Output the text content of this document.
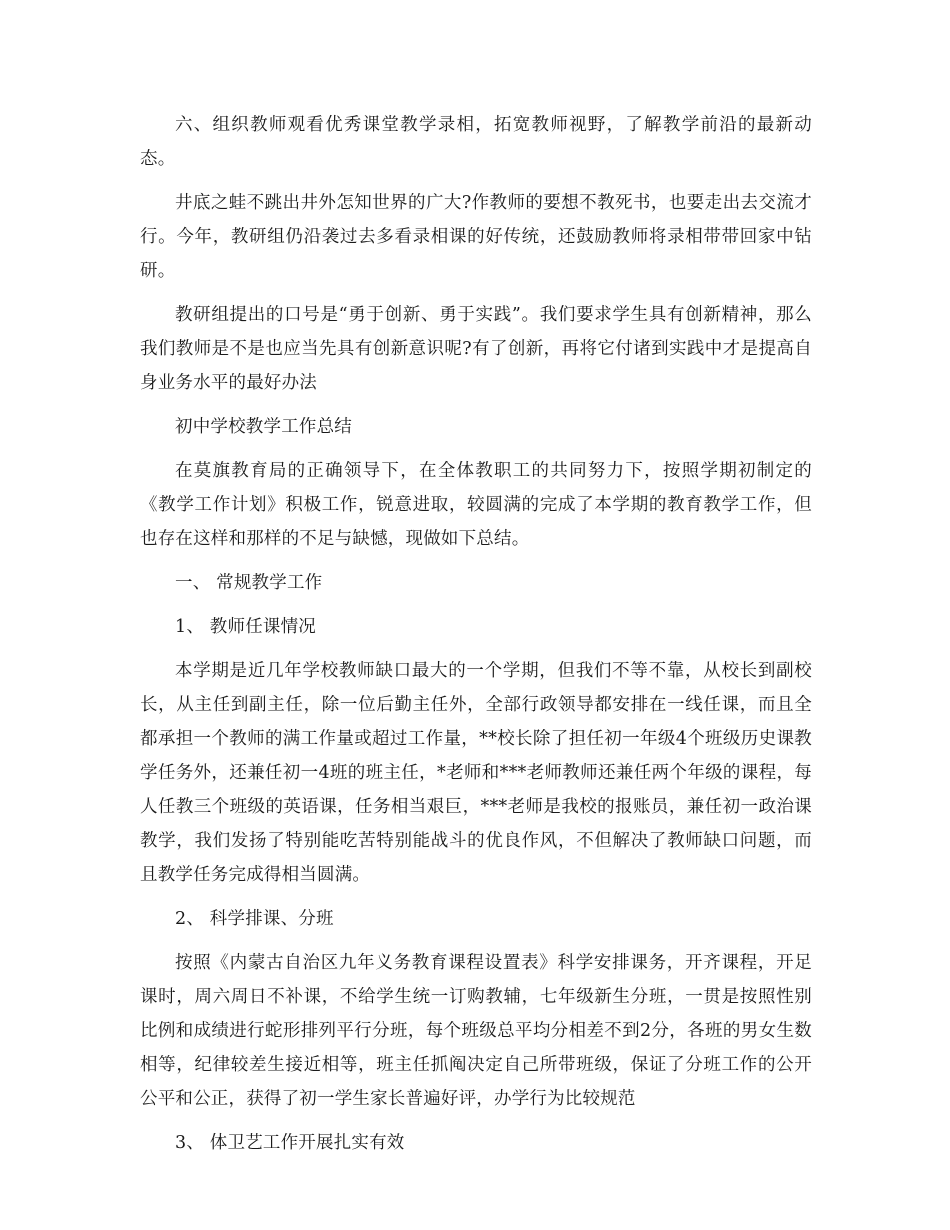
六、组织教师观看优秀课堂教学录相，拓宽教师视野，了解教学前沿的最新动态。

井底之蛙不跳出井外怎知世界的广大?作教师的要想不教死书，也要走出去交流才行。今年，教研组仍沿袭过去多看录相课的好传统，还鼓励教师将录相带带回家中钻研。

教研组提出的口号是“勇于创新、勇于实践”。我们要求学生具有创新精神，那么我们教师是不是也应当先具有创新意识呢?有了创新，再将它付诸到实践中才是提高自身业务水平的最好办法

初中学校教学工作总结

在莫旗教育局的正确领导下，在全体教职工的共同努力下，按照学期初制定的《教学工作计划》积极工作，锐意进取，较圆满的完成了本学期的教育教学工作，但也存在这样和那样的不足与缺憾，现做如下总结。

一、 常规教学工作

1、 教师任课情况

本学期是近几年学校教师缺口最大的一个学期，但我们不等不靠，从校长到副校长，从主任到副主任，除一位后勤主任外，全部行政领导都安排在一线任课，而且全都承担一个教师的满工作量或超过工作量，**校长除了担任初一年级4个班级历史课教学任务外，还兼任初一4班的班主任，*老师和***老师教师还兼任两个年级的课程，每人任教三个班级的英语课，任务相当艰巨，***老师是我校的报账员，兼任初一政治课教学，我们发扬了特别能吃苦特别能战斗的优良作风，不但解决了教师缺口问题，而且教学任务完成得相当圆满。

2、 科学排课、分班

按照《内蒙古自治区九年义务教育课程设置表》科学安排课务，开齐课程，开足课时，周六周日不补课，不给学生统一订购教辅，七年级新生分班，一贯是按照性别比例和成绩进行蛇形排列平行分班，每个班级总平均分相差不到2分，各班的男女生数相等，纪律较差生接近相等，班主任抓阄决定自己所带班级，保证了分班工作的公开公平和公正，获得了初一学生家长普遍好评，办学行为比较规范

3、 体卫艺工作开展扎实有效
